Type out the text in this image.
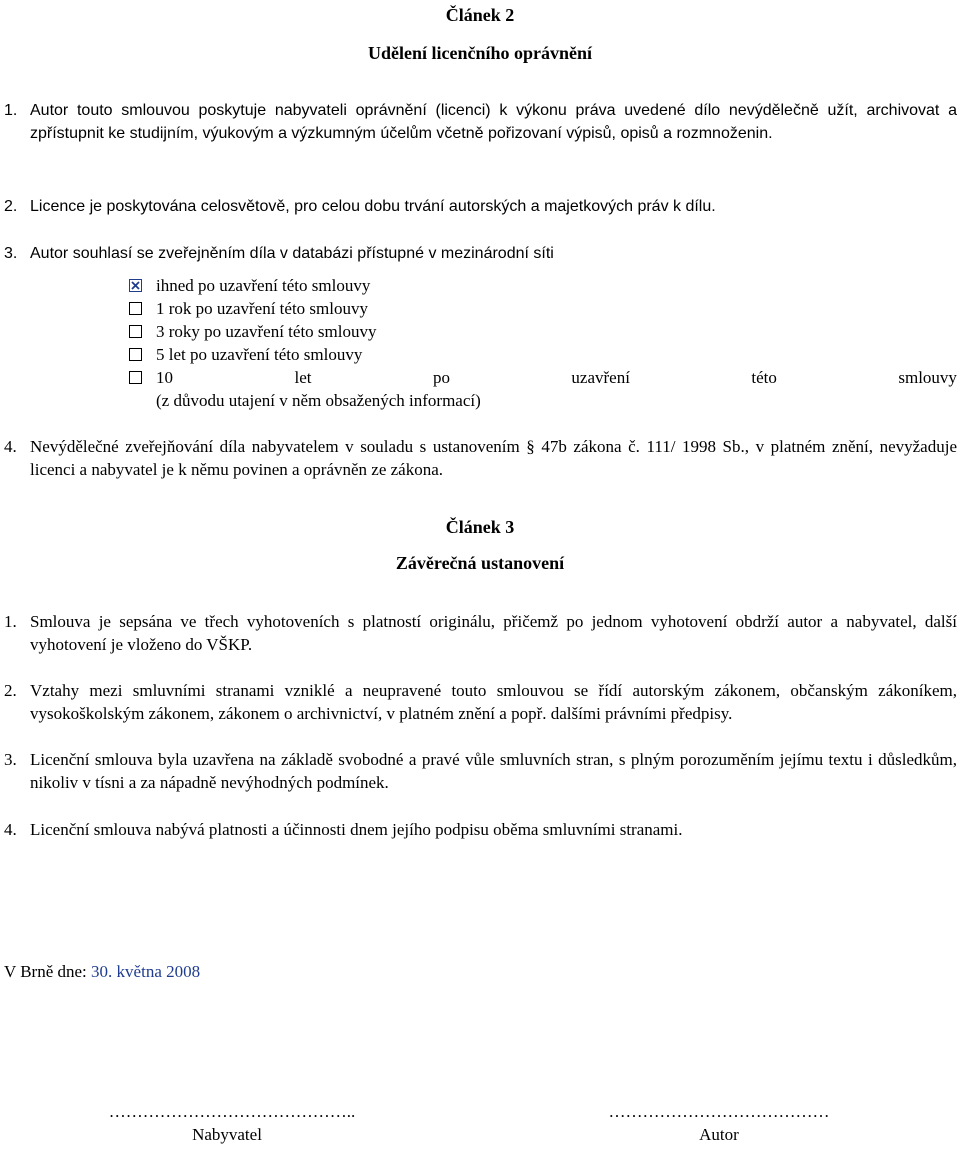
Článek 2
Udělení licenčního oprávnění
1. Autor touto smlouvou poskytuje nabyvateli oprávnění (licenci) k výkonu práva uvedené dílo nevýdělečně užít, archivovat a zpřístupnit ke studijním, výukovým a výzkumným účelům včetně pořizovaní výpisů, opisů a rozmnoženin.
2. Licence je poskytována celosvětově, pro celou dobu trvání autorských a majetkových práv k dílu.
3. Autor souhlasí se zveřejněním díla v databázi přístupné v mezinárodní síti
ihned po uzavření této smlouvy
1 rok po uzavření této smlouvy
3 roky po uzavření této smlouvy
5 let po uzavření této smlouvy
10	let	po	uzavření	této	smlouvy
(z důvodu utajení v něm obsažených informací)
4. Nevýdělečné zveřejňování díla nabyvatelem v souladu s ustanovením § 47b zákona č. 111/ 1998 Sb., v platném znění, nevyžaduje licenci a nabyvatel je k němu povinen a oprávněn ze zákona.
Článek 3
Závěrečná ustanovení
1. Smlouva je sepsána ve třech vyhotoveních s platností originálu, přičemž po jednom vyhotovení obdrží autor a nabyvatel, další vyhotovení je vloženo do VŠKP.
2. Vztahy mezi smluvními stranami vzniklé a neupravené touto smlouvou se řídí autorským zákonem, občanským zákoníkem, vysokoškolským zákonem, zákonem o archivnictví, v platném znění a popř. dalšími právními předpisy.
3. Licenční smlouva byla uzavřena na základě svobodné a pravé vůle smluvních stran, s plným porozuměním jejímu textu i důsledkům, nikoliv v tísni a za nápadně nevýhodných podmínek.
4. Licenční smlouva nabývá platnosti a účinnosti dnem jejího podpisu oběma smluvními stranami.
V Brně dne: 30. května 2008
……………………………………..
Nabyvatel
…………………………………
Autor
